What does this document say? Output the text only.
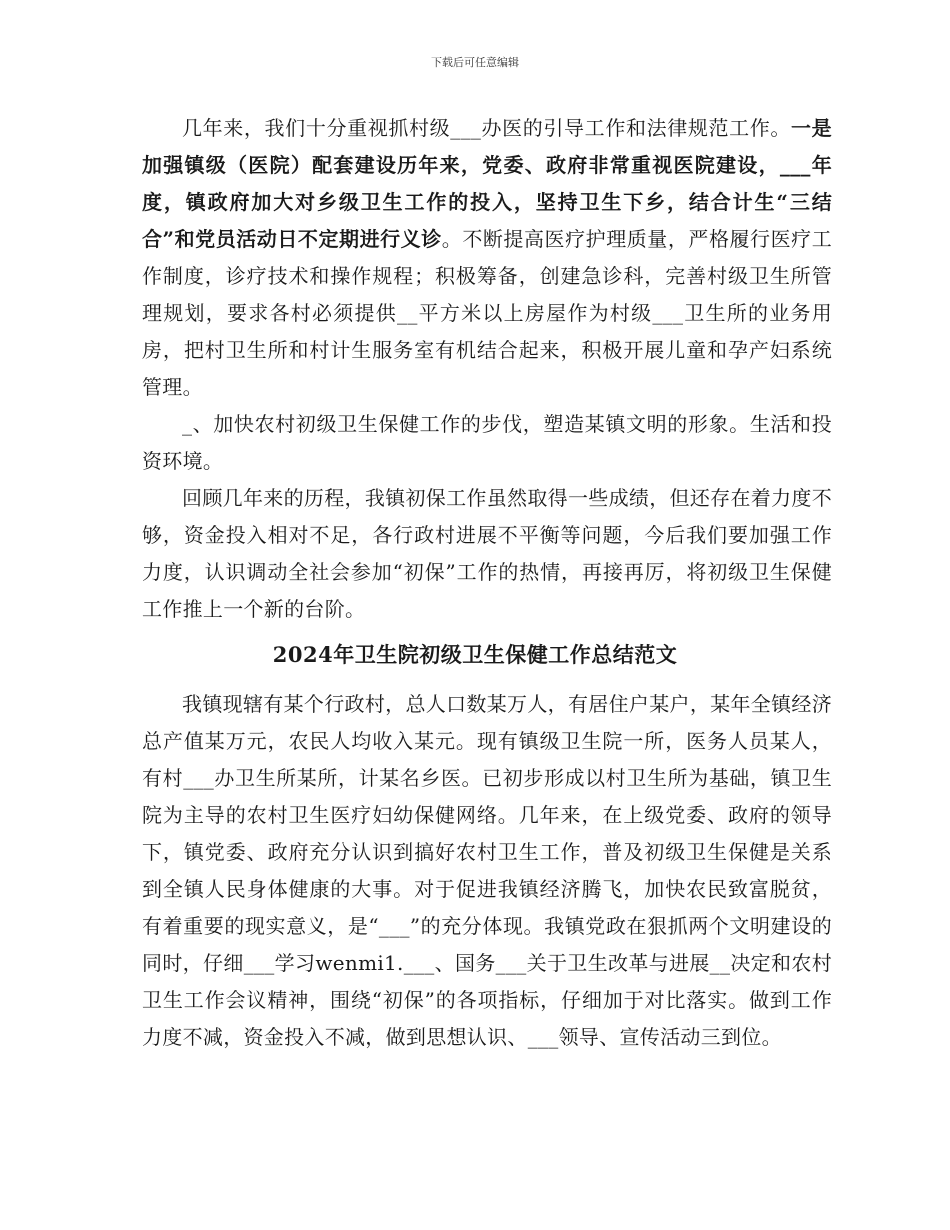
下载后可任意编辑

几年来，我们十分重视抓村级___办医的引导工作和法律规范工作。一是加强镇级（医院）配套建设历年来，党委、政府非常重视医院建设，___年度，镇政府加大对乡级卫生工作的投入，坚持卫生下乡，结合计生“三结合”和党员活动日不定期进行义诊。不断提高医疗护理质量，严格履行医疗工作制度，诊疗技术和操作规程；积极筹备，创建急诊科，完善村级卫生所管理规划，要求各村必须提供__平方米以上房屋作为村级___卫生所的业务用房，把村卫生所和村计生服务室有机结合起来，积极开展儿童和孕产妇系统管理。

_、加快农村初级卫生保健工作的步伐，塑造某镇文明的形象。生活和投资环境。

回顾几年来的历程，我镇初保工作虽然取得一些成绩，但还存在着力度不够，资金投入相对不足，各行政村进展不平衡等问题，今后我们要加强工作力度，认识调动全社会参加“初保”工作的热情，再接再厉，将初级卫生保健工作推上一个新的台阶。

2024年卫生院初级卫生保健工作总结范文

我镇现辖有某个行政村，总人口数某万人，有居住户某户，某年全镇经济总产值某万元，农民人均收入某元。现有镇级卫生院一所，医务人员某人，有村___办卫生所某所，计某名乡医。已初步形成以村卫生所为基础，镇卫生院为主导的农村卫生医疗妇幼保健网络。几年来，在上级党委、政府的领导下，镇党委、政府充分认识到搞好农村卫生工作，普及初级卫生保健是关系到全镇人民身体健康的大事。对于促进我镇经济腾飞，加快农民致富脱贫，有着重要的现实意义，是“___”的充分体现。我镇党政在狠抓两个文明建设的同时，仔细___学习wenmi1.___、国务___关于卫生改革与进展__决定和农村卫生工作会议精神，围绕“初保”的各项指标，仔细加于对比落实。做到工作力度不减，资金投入不减，做到思想认识、___领导、宣传活动三到位。
